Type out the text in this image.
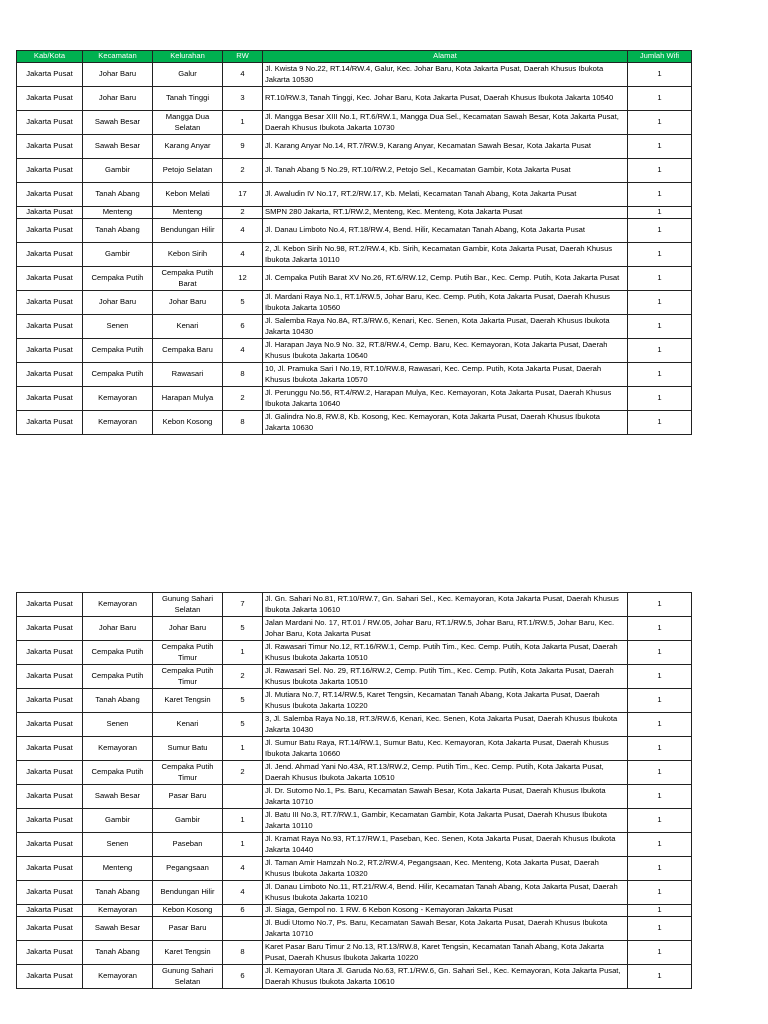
Kab/Kota	Kecamatan	Kelurahan	RW	Alamat	Jumlah Wifi
Jakarta Pusat	Johar Baru	Galur	4	Jl. Kwista 9 No.22, RT.14/RW.4, Galur, Kec. Johar Baru, Kota Jakarta Pusat, Daerah Khusus Ibukota Jakarta 10530	1
Jakarta Pusat	Johar Baru	Tanah Tinggi	3	RT.10/RW.3, Tanah Tinggi, Kec. Johar Baru, Kota Jakarta Pusat, Daerah Khusus Ibukota Jakarta 10540	1
Jakarta Pusat	Sawah Besar	Mangga Dua Selatan	1	Jl. Mangga Besar XIII No.1, RT.6/RW.1, Mangga Dua Sel., Kecamatan Sawah Besar, Kota Jakarta Pusat, Daerah Khusus Ibukota Jakarta 10730	1
Jakarta Pusat	Sawah Besar	Karang Anyar	9	Jl. Karang Anyar No.14, RT.7/RW.9, Karang Anyar, Kecamatan Sawah Besar, Kota Jakarta Pusat	1
Jakarta Pusat	Gambir	Petojo Selatan	2	Jl. Tanah Abang 5 No.29, RT.10/RW.2, Petojo Sel., Kecamatan Gambir, Kota Jakarta Pusat	1
Jakarta Pusat	Tanah Abang	Kebon Melati	17	Jl. Awaludin IV No.17, RT.2/RW.17, Kb. Melati, Kecamatan Tanah Abang, Kota Jakarta Pusat	1
Jakarta Pusat	Menteng	Menteng	2	SMPN 280 Jakarta, RT.1/RW.2, Menteng, Kec. Menteng, Kota Jakarta Pusat	1
Jakarta Pusat	Tanah Abang	Bendungan Hilir	4	Jl. Danau Limboto No.4, RT.18/RW.4, Bend. Hilir, Kecamatan Tanah Abang, Kota Jakarta Pusat	1
Jakarta Pusat	Gambir	Kebon Sirih	4	2, Jl. Kebon Sirih No.98, RT.2/RW.4, Kb. Sirih, Kecamatan Gambir, Kota Jakarta Pusat, Daerah Khusus Ibukota Jakarta 10110	1
Jakarta Pusat	Cempaka Putih	Cempaka Putih Barat	12	Jl. Cempaka Putih Barat XV No.26, RT.6/RW.12, Cemp. Putih Bar., Kec. Cemp. Putih, Kota Jakarta Pusat	1
Jakarta Pusat	Johar Baru	Johar Baru	5	Jl. Mardani Raya No.1, RT.1/RW.5, Johar Baru, Kec. Cemp. Putih, Kota Jakarta Pusat, Daerah Khusus Ibukota Jakarta 10560	1
Jakarta Pusat	Senen	Kenari	6	Jl. Salemba Raya No.8A, RT.3/RW.6, Kenari, Kec. Senen, Kota Jakarta Pusat, Daerah Khusus Ibukota Jakarta 10430	1
Jakarta Pusat	Cempaka Putih	Cempaka Baru	4	Jl. Harapan Jaya No.9 No. 32, RT.8/RW.4, Cemp. Baru, Kec. Kemayoran, Kota Jakarta Pusat, Daerah Khusus Ibukota Jakarta 10640	1
Jakarta Pusat	Cempaka Putih	Rawasari	8	10, Jl. Pramuka Sari I No.19, RT.10/RW.8, Rawasari, Kec. Cemp. Putih, Kota Jakarta Pusat, Daerah Khusus Ibukota Jakarta 10570	1
Jakarta Pusat	Kemayoran	Harapan Mulya	2	Jl. Perunggu No.56, RT.4/RW.2, Harapan Mulya, Kec. Kemayoran, Kota Jakarta Pusat, Daerah Khusus Ibukota Jakarta 10640	1
Jakarta Pusat	Kemayoran	Kebon Kosong	8	Jl. Galindra No.8, RW.8, Kb. Kosong, Kec. Kemayoran, Kota Jakarta Pusat, Daerah Khusus Ibukota Jakarta 10630	1
Jakarta Pusat	Kemayoran	Gunung Sahari Selatan	7	Jl. Gn. Sahari No.81, RT.10/RW.7, Gn. Sahari Sel., Kec. Kemayoran, Kota Jakarta Pusat, Daerah Khusus Ibukota Jakarta 10610	1
Jakarta Pusat	Johar Baru	Johar Baru	5	Jalan Mardani No. 17, RT.01 / RW.05, Johar Baru, RT.1/RW.5, Johar Baru, RT.1/RW.5, Johar Baru, Kec. Johar Baru, Kota Jakarta Pusat	1
Jakarta Pusat	Cempaka Putih	Cempaka Putih Timur	1	Jl. Rawasari Timur No.12, RT.16/RW.1, Cemp. Putih Tim., Kec. Cemp. Putih, Kota Jakarta Pusat, Daerah Khusus Ibukota Jakarta 10510	1
Jakarta Pusat	Cempaka Putih	Cempaka Putih Timur	2	Jl. Rawasari Sel. No. 29, RT.16/RW.2, Cemp. Putih Tim., Kec. Cemp. Putih, Kota Jakarta Pusat, Daerah Khusus Ibukota Jakarta 10510	1
Jakarta Pusat	Tanah Abang	Karet Tengsin	5	Jl. Mutiara No.7, RT.14/RW.5, Karet Tengsin, Kecamatan Tanah Abang, Kota Jakarta Pusat, Daerah Khusus Ibukota Jakarta 10220	1
Jakarta Pusat	Senen	Kenari	5	3, Jl. Salemba Raya No.18, RT.3/RW.6, Kenari, Kec. Senen, Kota Jakarta Pusat, Daerah Khusus Ibukota Jakarta 10430	1
Jakarta Pusat	Kemayoran	Sumur Batu	1	Jl. Sumur Batu Raya, RT.14/RW.1, Sumur Batu, Kec. Kemayoran, Kota Jakarta Pusat, Daerah Khusus Ibukota Jakarta 10660	1
Jakarta Pusat	Cempaka Putih	Cempaka Putih Timur	2	Jl. Jend. Ahmad Yani No.43A, RT.13/RW.2, Cemp. Putih Tim., Kec. Cemp. Putih, Kota Jakarta Pusat, Daerah Khusus Ibukota Jakarta 10510	1
Jakarta Pusat	Sawah Besar	Pasar Baru		Jl. Dr. Sutomo No.1, Ps. Baru, Kecamatan Sawah Besar, Kota Jakarta Pusat, Daerah Khusus Ibukota Jakarta 10710	1
Jakarta Pusat	Gambir	Gambir	1	Jl. Batu III No.3, RT.7/RW.1, Gambir, Kecamatan Gambir, Kota Jakarta Pusat, Daerah Khusus Ibukota Jakarta 10110	1
Jakarta Pusat	Senen	Paseban	1	Jl. Kramat Raya No.93, RT.17/RW.1, Paseban, Kec. Senen, Kota Jakarta Pusat, Daerah Khusus Ibukota Jakarta 10440	1
Jakarta Pusat	Menteng	Pegangsaan	4	Jl. Taman Amir Hamzah No.2, RT.2/RW.4, Pegangsaan, Kec. Menteng, Kota Jakarta Pusat, Daerah Khusus Ibukota Jakarta 10320	1
Jakarta Pusat	Tanah Abang	Bendungan Hilir	4	Jl. Danau Limboto No.11, RT.21/RW.4, Bend. Hilir, Kecamatan Tanah Abang, Kota Jakarta Pusat, Daerah Khusus Ibukota Jakarta 10210	1
Jakarta Pusat	Kemayoran	Kebon Kosong	6	Jl. Siaga, Gempol no. 1 RW. 6 Kebon Kosong - Kemayoran Jakarta Pusat	1
Jakarta Pusat	Sawah Besar	Pasar Baru		Jl. Budi Utomo No.7, Ps. Baru, Kecamatan Sawah Besar, Kota Jakarta Pusat, Daerah Khusus Ibukota Jakarta 10710	1
Jakarta Pusat	Tanah Abang	Karet Tengsin	8	Karet Pasar Baru Timur 2 No.13, RT.13/RW.8, Karet Tengsin, Kecamatan Tanah Abang, Kota Jakarta Pusat, Daerah Khusus Ibukota Jakarta 10220	1
Jakarta Pusat	Kemayoran	Gunung Sahari Selatan	6	Jl. Kemayoran Utara Jl. Garuda No.63, RT.1/RW.6, Gn. Sahari Sel., Kec. Kemayoran, Kota Jakarta Pusat, Daerah Khusus Ibukota Jakarta 10610	1
